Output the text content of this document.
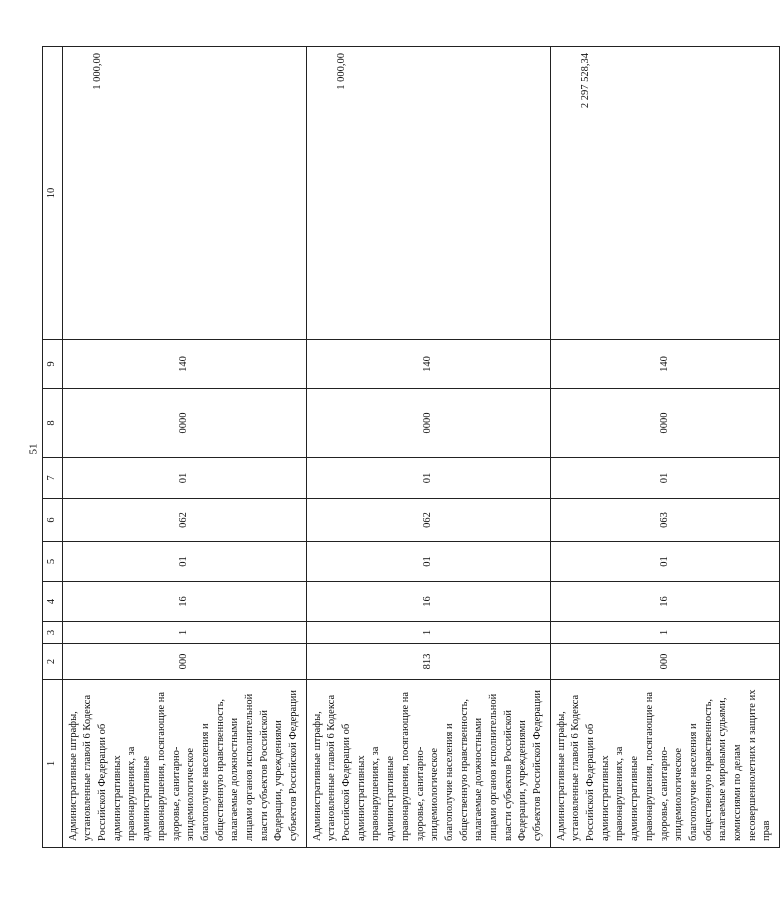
51
1	2	3	4	5	6	7	8	9	10
Административные штрафы, установленные главой 6 Кодекса Российской Федерации об административных правонарушениях, за административные правонарушения, посягающие на здоровье, санитарно-эпидемиологическое благополучие населения и общественную нравственность, налагаемые должностными лицами органов исполнительной власти субъектов Российской Федерации, учреждениями субъектов Российской Федерации	000	1	16	01	062	01	0000	140	1 000,00
Административные штрафы, установленные главой 6 Кодекса Российской Федерации об административных правонарушениях, за административные правонарушения, посягающие на здоровье, санитарно-эпидемиологическое благополучие населения и общественную нравственность, налагаемые должностными лицами органов исполнительной власти субъектов Российской Федерации, учреждениями субъектов Российской Федерации	813	1	16	01	062	01	0000	140	1 000,00
Административные штрафы, установленные главой 6 Кодекса Российской Федерации об административных правонарушениях, за административные правонарушения, посягающие на здоровье, санитарно-эпидемиологическое благополучие населения и общественную нравственность, налагаемые мировыми судьями, комиссиями по делам несовершеннолетних и защите их прав	000	1	16	01	063	01	0000	140	2 297 528,34
